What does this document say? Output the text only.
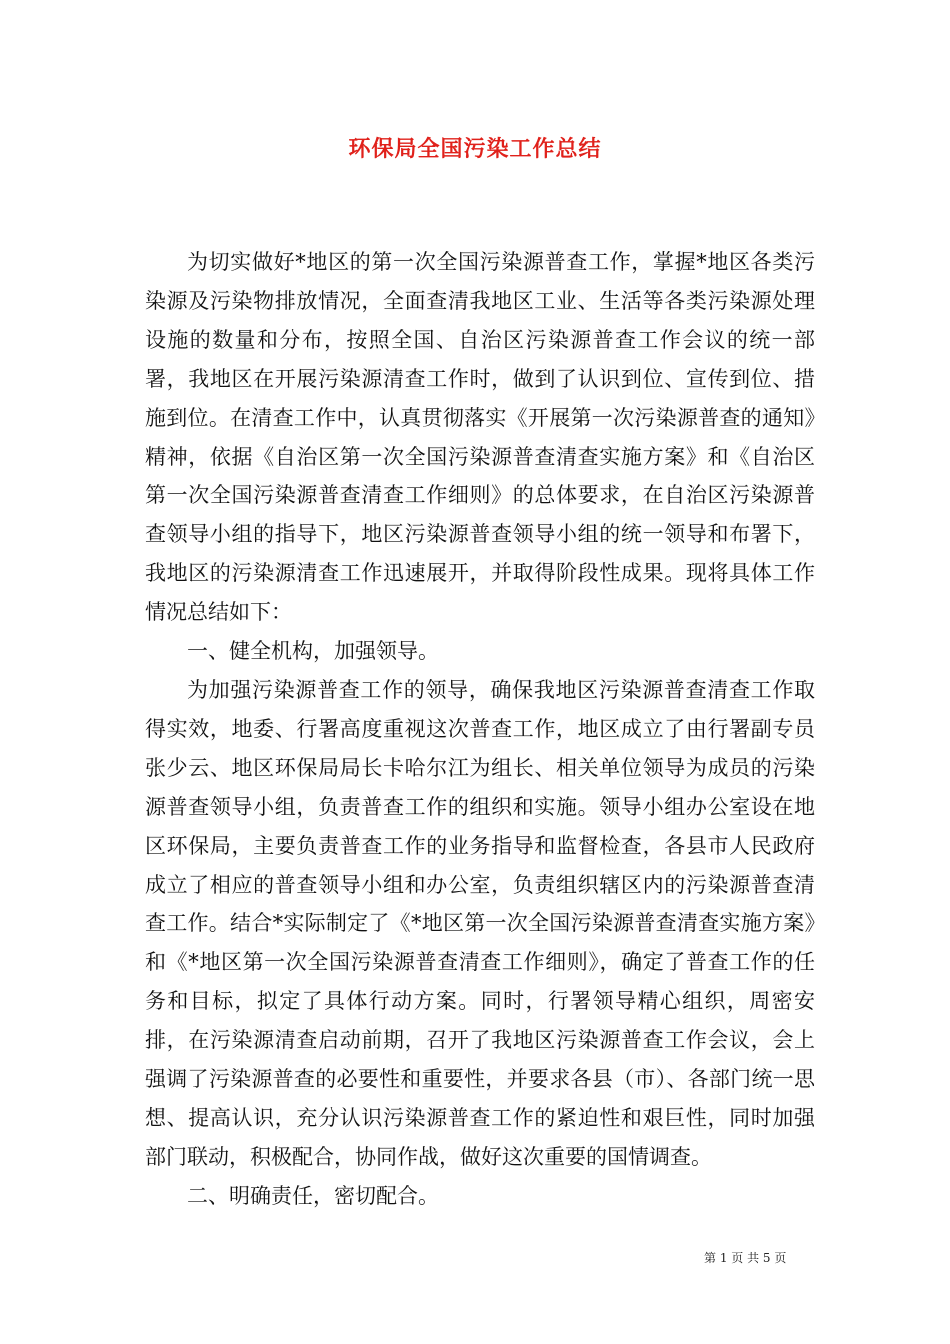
环保局全国污染工作总结

为切实做好*地区的第一次全国污染源普查工作，掌握*地区各类污染源及污染物排放情况，全面查清我地区工业、生活等各类污染源处理设施的数量和分布，按照全国、自治区污染源普查工作会议的统一部署，我地区在开展污染源清查工作时，做到了认识到位、宣传到位、措施到位。在清查工作中，认真贯彻落实《开展第一次污染源普查的通知》精神，依据《自治区第一次全国污染源普查清查实施方案》和《自治区第一次全国污染源普查清查工作细则》的总体要求，在自治区污染源普查领导小组的指导下，地区污染源普查领导小组的统一领导和布署下，我地区的污染源清查工作迅速展开，并取得阶段性成果。现将具体工作情况总结如下：

一、健全机构，加强领导。

为加强污染源普查工作的领导，确保我地区污染源普查清查工作取得实效，地委、行署高度重视这次普查工作，地区成立了由行署副专员张少云、地区环保局局长卡哈尔江为组长、相关单位领导为成员的污染源普查领导小组，负责普查工作的组织和实施。领导小组办公室设在地区环保局，主要负责普查工作的业务指导和监督检查，各县市人民政府成立了相应的普查领导小组和办公室，负责组织辖区内的污染源普查清查工作。结合*实际制定了《*地区第一次全国污染源普查清查实施方案》和《*地区第一次全国污染源普查清查工作细则》，确定了普查工作的任务和目标，拟定了具体行动方案。同时，行署领导精心组织，周密安排，在污染源清查启动前期，召开了我地区污染源普查工作会议，会上强调了污染源普查的必要性和重要性，并要求各县（市）、各部门统一思想、提高认识，充分认识污染源普查工作的紧迫性和艰巨性，同时加强部门联动，积极配合，协同作战，做好这次重要的国情调查。

二、明确责任，密切配合。

第 1 页 共 5 页
